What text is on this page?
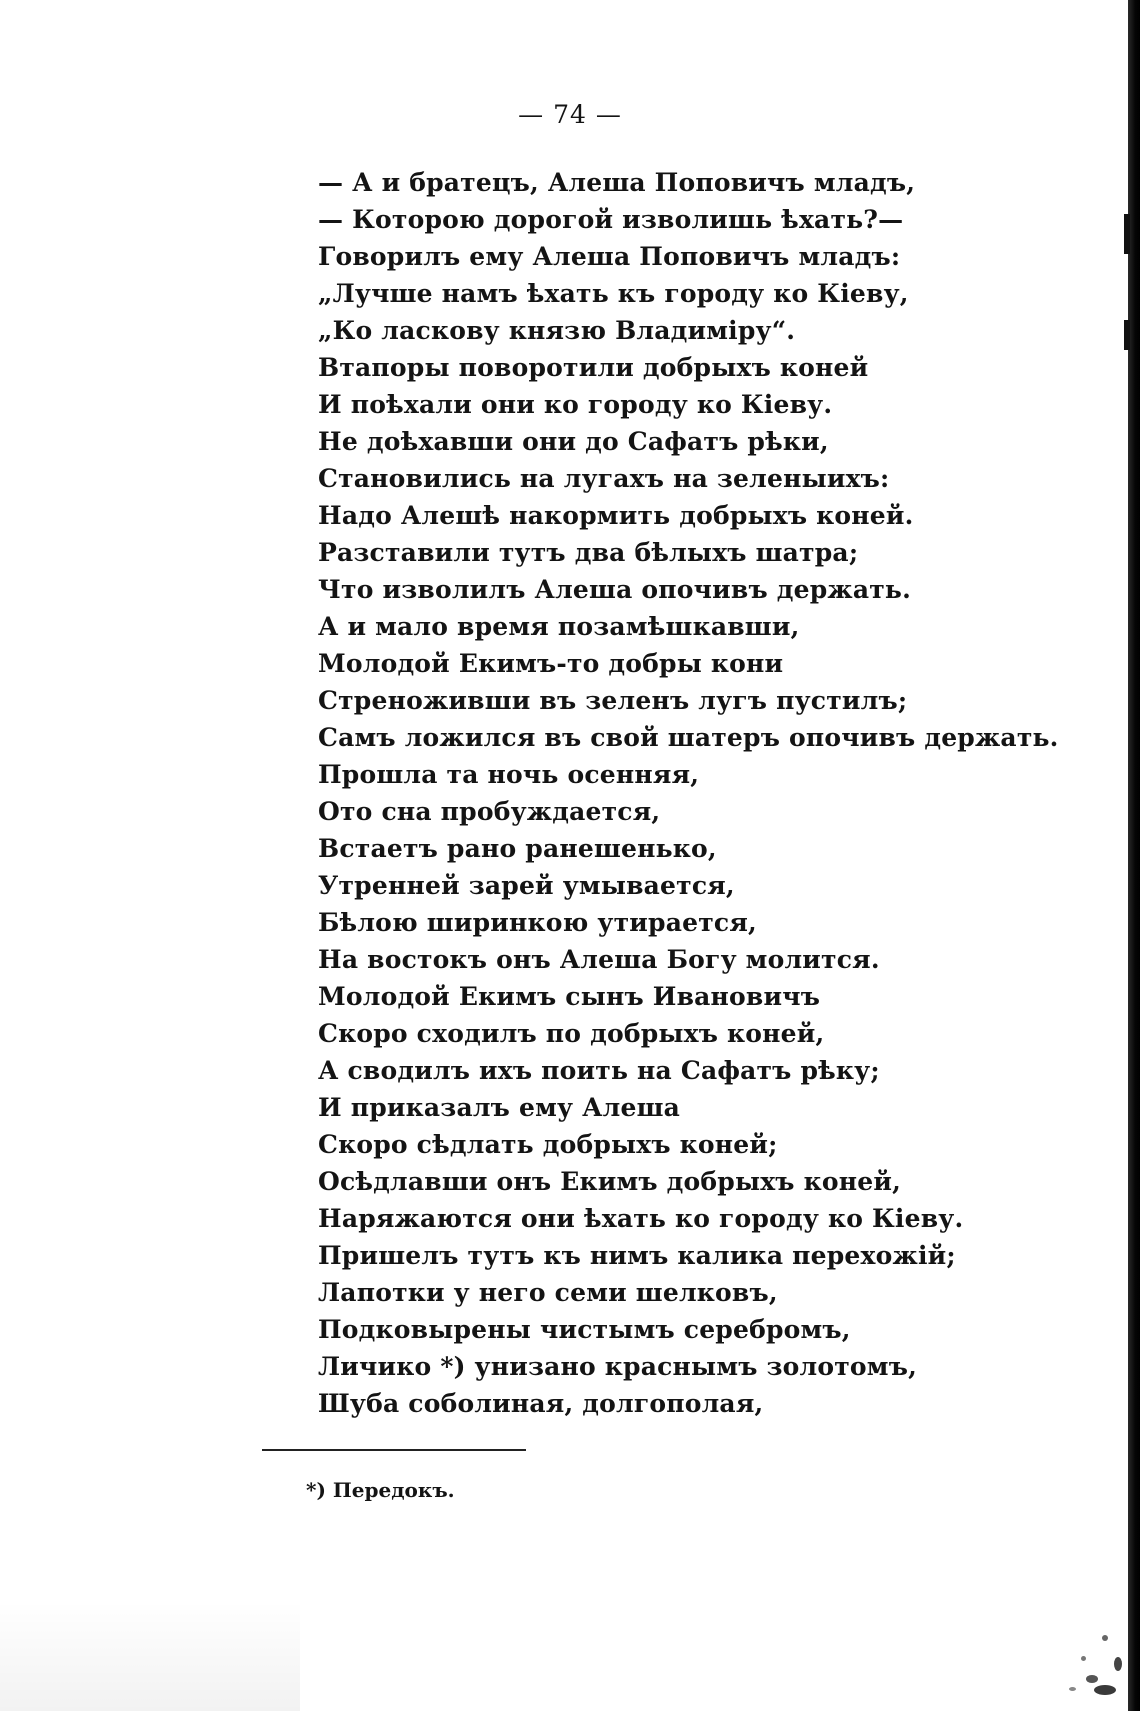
— 74 —
— А и братецъ, Алеша Поповичъ младъ,
— Которою дорогой изволишь ѣхать?—
Говорилъ ему Алеша Поповичъ младъ:
„Лучше намъ ѣхать къ городу ко Кіеву,
„Ко ласкову князю Владиміру“.
Втапоры поворотили добрыхъ коней
И поѣхали они ко городу ко Кіеву.
Не доѣхавши они до Сафатъ рѣки,
Становились на лугахъ на зеленыихъ:
Надо Алешѣ накормить добрыхъ коней.
Разставили тутъ два бѣлыхъ шатра;
Что изволилъ Алеша опочивъ держать.
А и мало время позамѣшкавши,
Молодой Екимъ-то добры кони
Стреноживши въ зеленъ лугъ пустилъ;
Самъ ложился въ свой шатеръ опочивъ держать.
Прошла та ночь осенняя,
Ото сна пробуждается,
Встаетъ рано ранешенько,
Утренней зарей умывается,
Бѣлою ширинкою утирается,
На востокъ онъ Алеша Богу молится.
Молодой Екимъ сынъ Ивановичъ
Скоро сходилъ по добрыхъ коней,
А сводилъ ихъ поить на Сафатъ рѣку;
И приказалъ ему Алеша
Скоро сѣдлать добрыхъ коней;
Осѣдлавши онъ Екимъ добрыхъ коней,
Наряжаются они ѣхать ко городу ко Кіеву.
Пришелъ тутъ къ нимъ калика перехожій;
Лапотки у него семи шелковъ,
Подковырены чистымъ серебромъ,
Личико *) унизано краснымъ золотомъ,
Шуба соболиная, долгополая,
*) Передокъ.
